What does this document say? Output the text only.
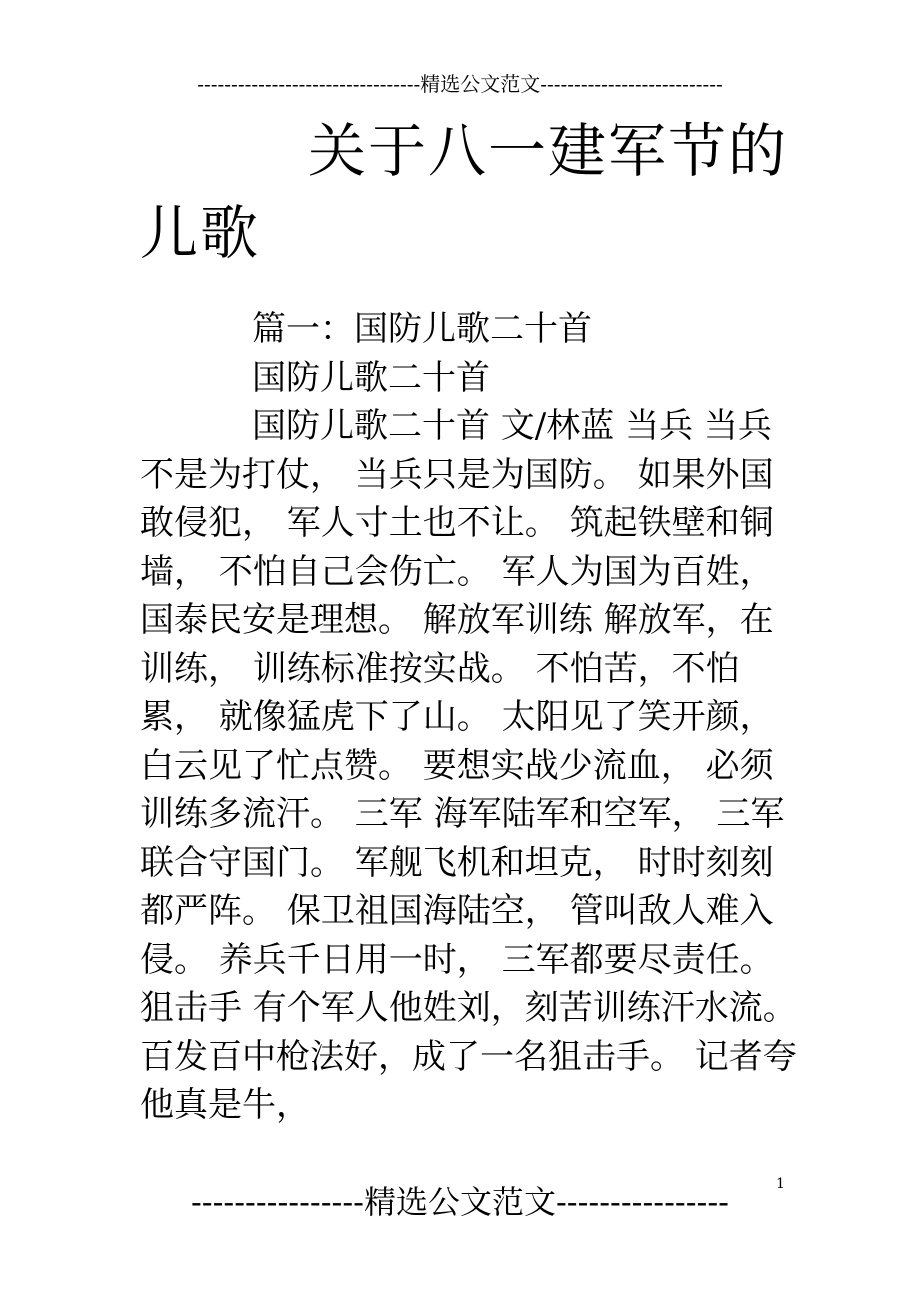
---------------------------------精选公文范文---------------------------
关于八一建军节的儿歌

篇一：国防儿歌二十首

国防儿歌二十首

国防儿歌二十首 文/林蓝 当兵 当兵不是为打仗， 当兵只是为国防。 如果外国敢侵犯， 军人寸土也不让。 筑起铁壁和铜墙， 不怕自己会伤亡。 军人为国为百姓， 国泰民安是理想。 解放军训练 解放军，在训练， 训练标准按实战。 不怕苦，不怕累， 就像猛虎下了山。 太阳见了笑开颜， 白云见了忙点赞。 要想实战少流血， 必须训练多流汗。 三军 海军陆军和空军， 三军联合守国门。 军舰飞机和坦克， 时时刻刻都严阵。 保卫祖国海陆空， 管叫敌人难入侵。 养兵千日用一时， 三军都要尽责任。 狙击手 有个军人他姓刘，刻苦训练汗水流。 百发百中枪法好，成了一名狙击手。 记者夸他真是牛，

1
----------------精选公文范文----------------
